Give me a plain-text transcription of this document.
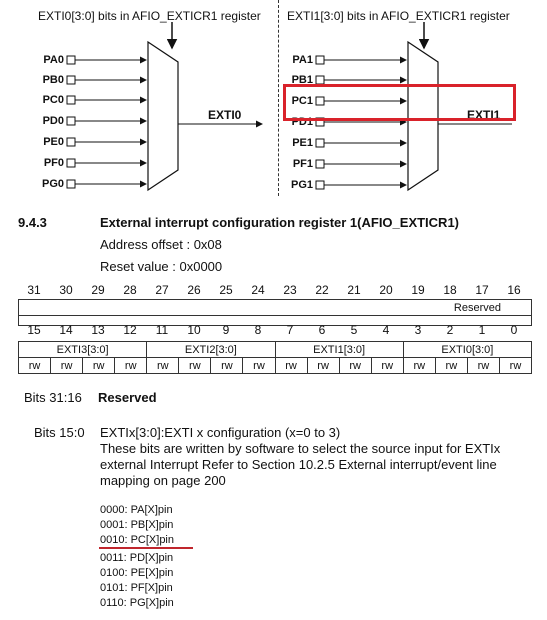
EXTI0[3:0] bits in AFIO_EXTICR1 register
PA0
PB0
PC0
PD0
PE0
PF0
PG0
EXTI0
EXTI1[3:0] bits in AFIO_EXTICR1 register
PA1
PB1
PC1
PD1
PE1
PF1
PG1
EXTI1
9.4.3	External interrupt configuration register 1(AFIO_EXTICR1)
Address offset : 0x08
Reset value : 0x0000
31	30	29	28	27	26	25	24	23	22	21	20	19	18	17	16
Reserved

15	14	13	12	11	10	9	8	7	6	5	4	3	2	1	0
EXTI3[3:0]				EXTI2[3:0]				EXTI1[3:0]				EXTI0[3:0]			
rw	rw	rw	rw	rw	rw	rw	rw	rw	rw	rw	rw	rw	rw	rw	rw
Bits 31:16 Reserved
Bits 15:0 EXTIx[3:0]:EXTI x configuration (x=0 to 3)
These bits are written by software to select the source input for EXTIx
external Interrupt Refer to Section 10.2.5 External interrupt/event line
mapping on page 200
0000: PA[X]pin
0001: PB[X]pin
0010: PC[X]pin
0011: PD[X]pin
0100: PE[X]pin
0101: PF[X]pin
0110: PG[X]pin
